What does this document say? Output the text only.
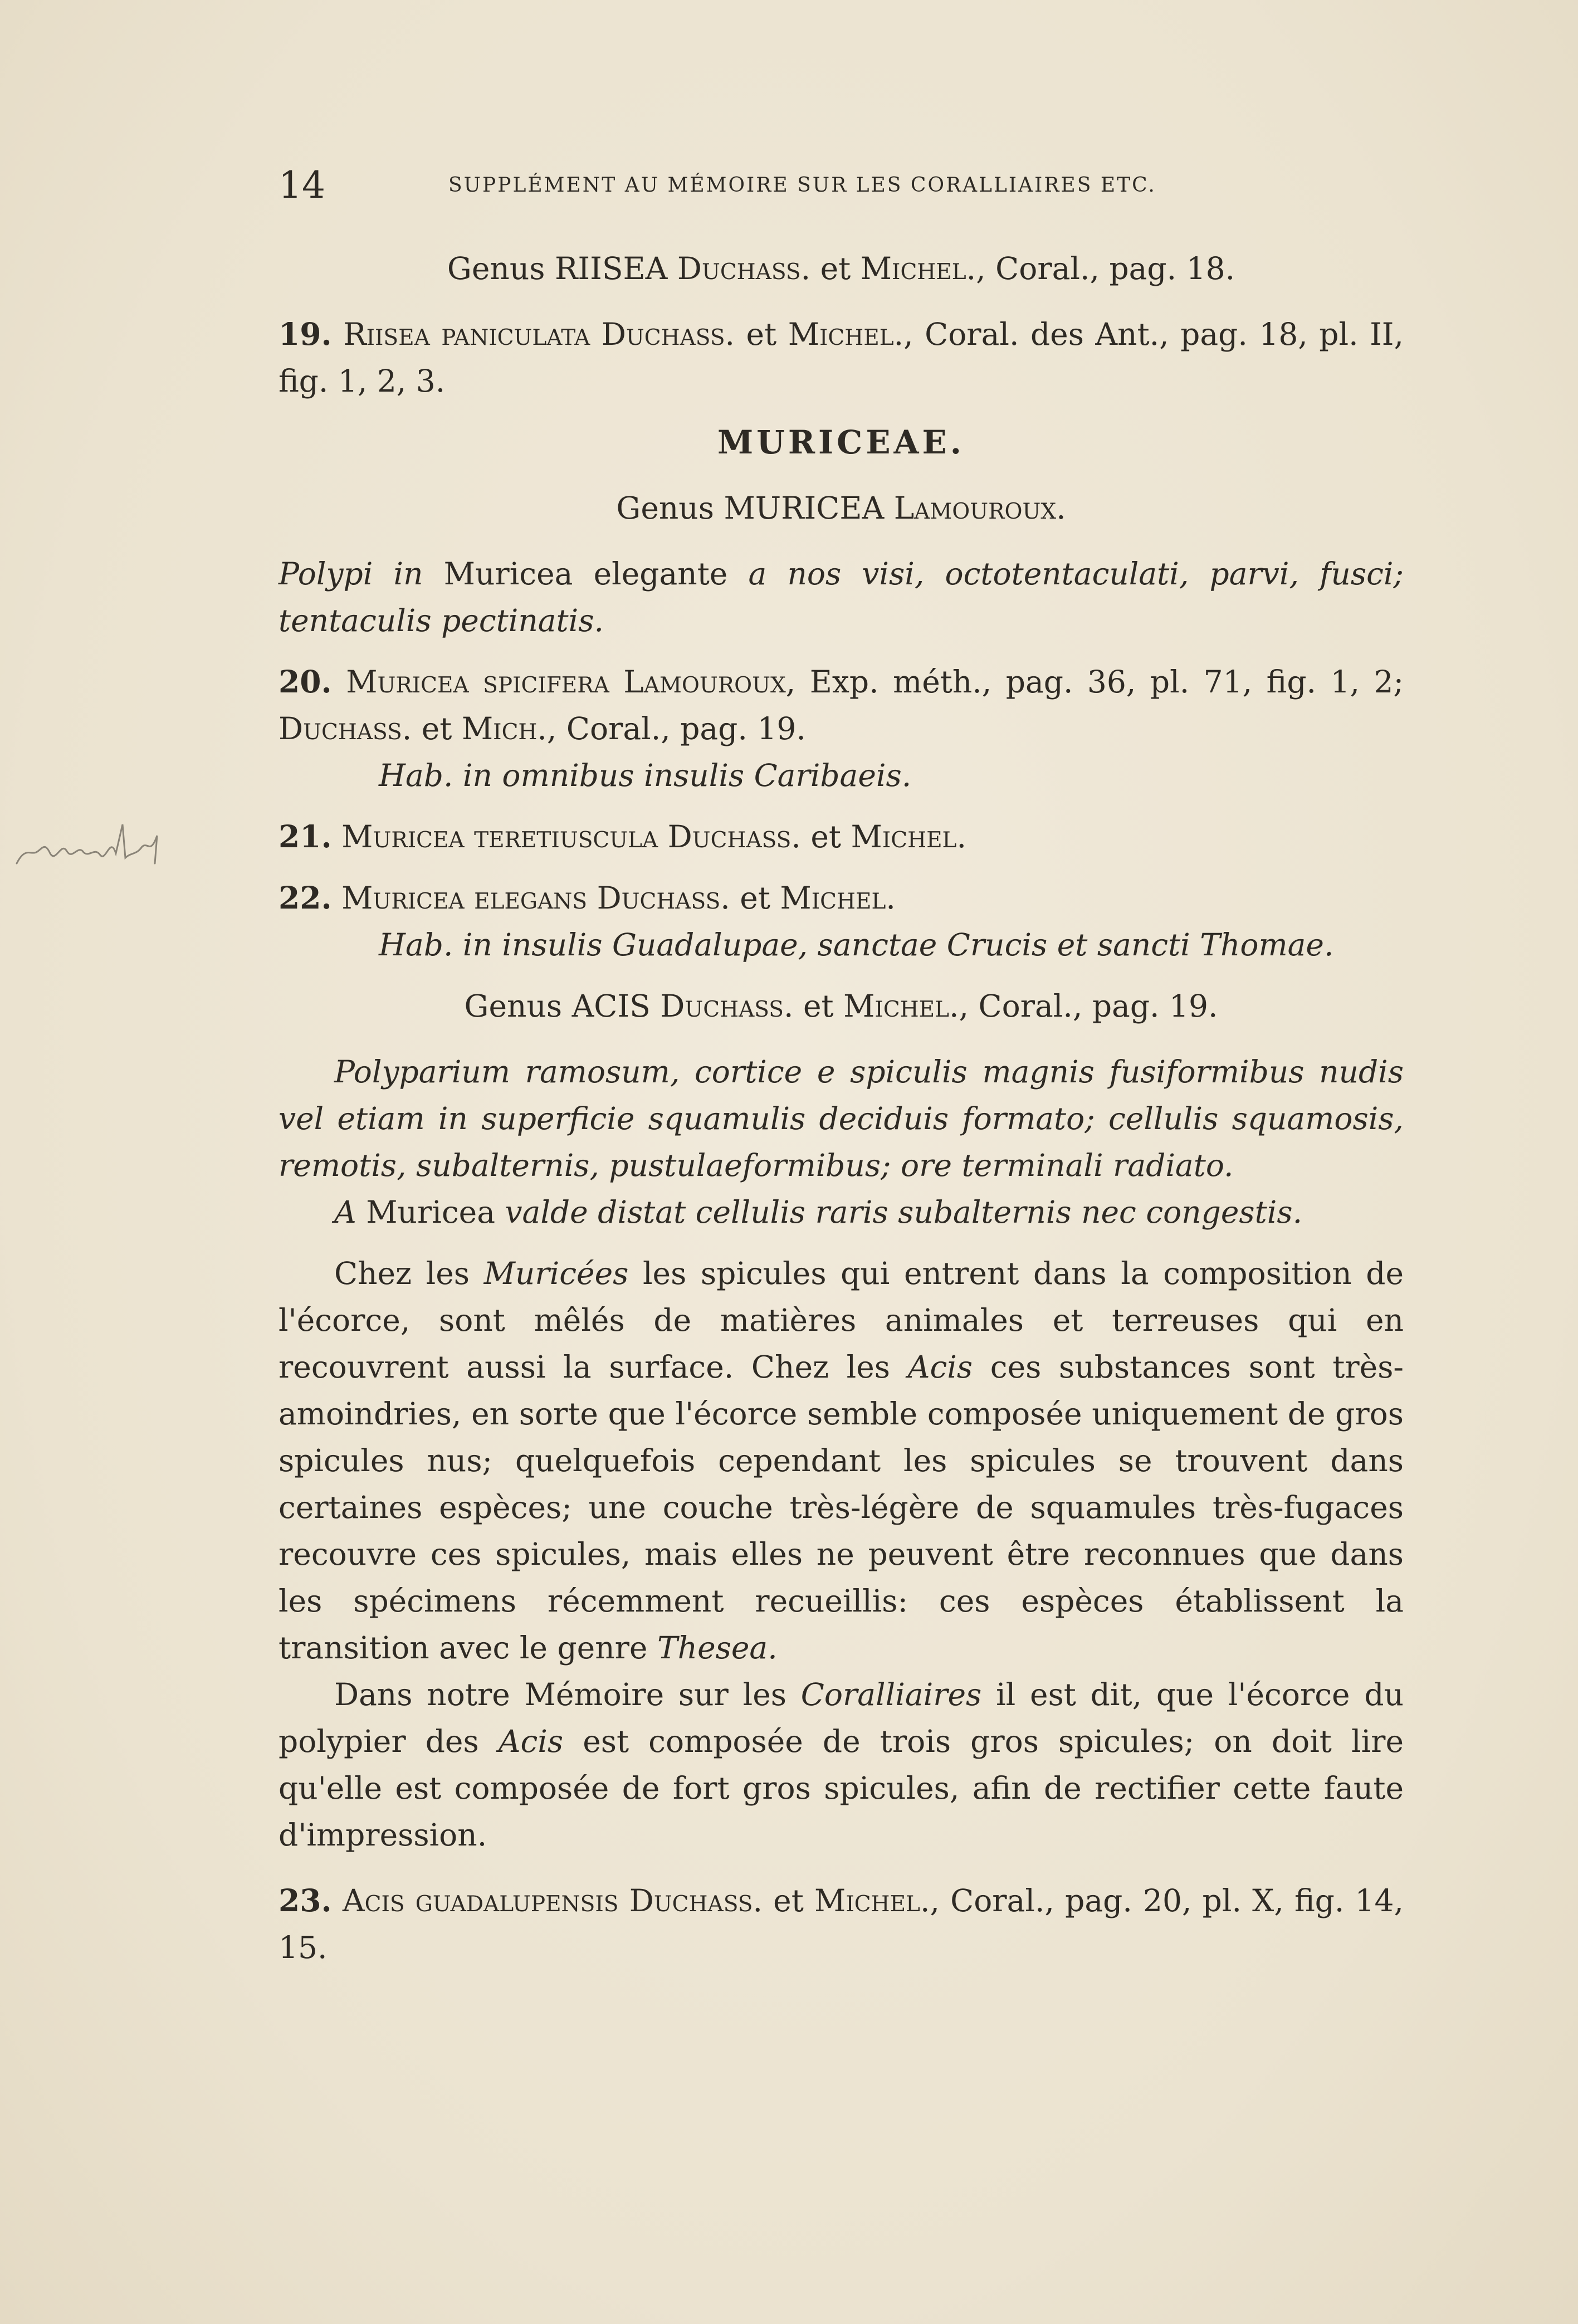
14	SUPPLÉMENT AU MÉMOIRE SUR LES CORALLIAIRES ETC.

Genus RIISEA Duchass. et Michel., Coral., pag. 18.

19. Riisea paniculata Duchass. et Michel., Coral. des Ant., pag. 18, pl. II, fig. 1, 2, 3.

MURICEAE.

Genus MURICEA Lamouroux.

Polypi in Muricea elegante a nos visi, octotentaculati, parvi, fusci; tentaculis pectinatis.

20. Muricea spicifera Lamouroux, Exp. méth., pag. 36, pl. 71, fig. 1, 2; Duchass. et Mich., Coral., pag. 19.

Hab. in omnibus insulis Caribaeis.

21. Muricea teretiuscula Duchass. et Michel.

22. Muricea elegans Duchass. et Michel.

Hab. in insulis Guadalupae, sanctae Crucis et sancti Thomae.

Genus ACIS Duchass. et Michel., Coral., pag. 19.

Polyparium ramosum, cortice e spiculis magnis fusiformibus nudis vel etiam in superficie squamulis deciduis formato; cellulis squamosis, remotis, subalternis, pustulaeformibus; ore terminali radiato.

A Muricea valde distat cellulis raris subalternis nec congestis.

Chez les Muricées les spicules qui entrent dans la composition de l'écorce, sont mêlés de matières animales et terreuses qui en recouvrent aussi la surface. Chez les Acis ces substances sont très-amoindries, en sorte que l'écorce semble composée uniquement de gros spicules nus; quelquefois cependant les spicules se trouvent dans certaines espèces; une couche très-légère de squamules très-fugaces recouvre ces spicules, mais elles ne peuvent être reconnues que dans les spécimens récemment recueillis: ces espèces établissent la transition avec le genre Thesea.

Dans notre Mémoire sur les Coralliaires il est dit, que l'écorce du polypier des Acis est composée de trois gros spicules; on doit lire qu'elle est composée de fort gros spicules, afin de rectifier cette faute d'impression.

23. Acis guadalupensis Duchass. et Michel., Coral., pag. 20, pl. X, fig. 14, 15.
